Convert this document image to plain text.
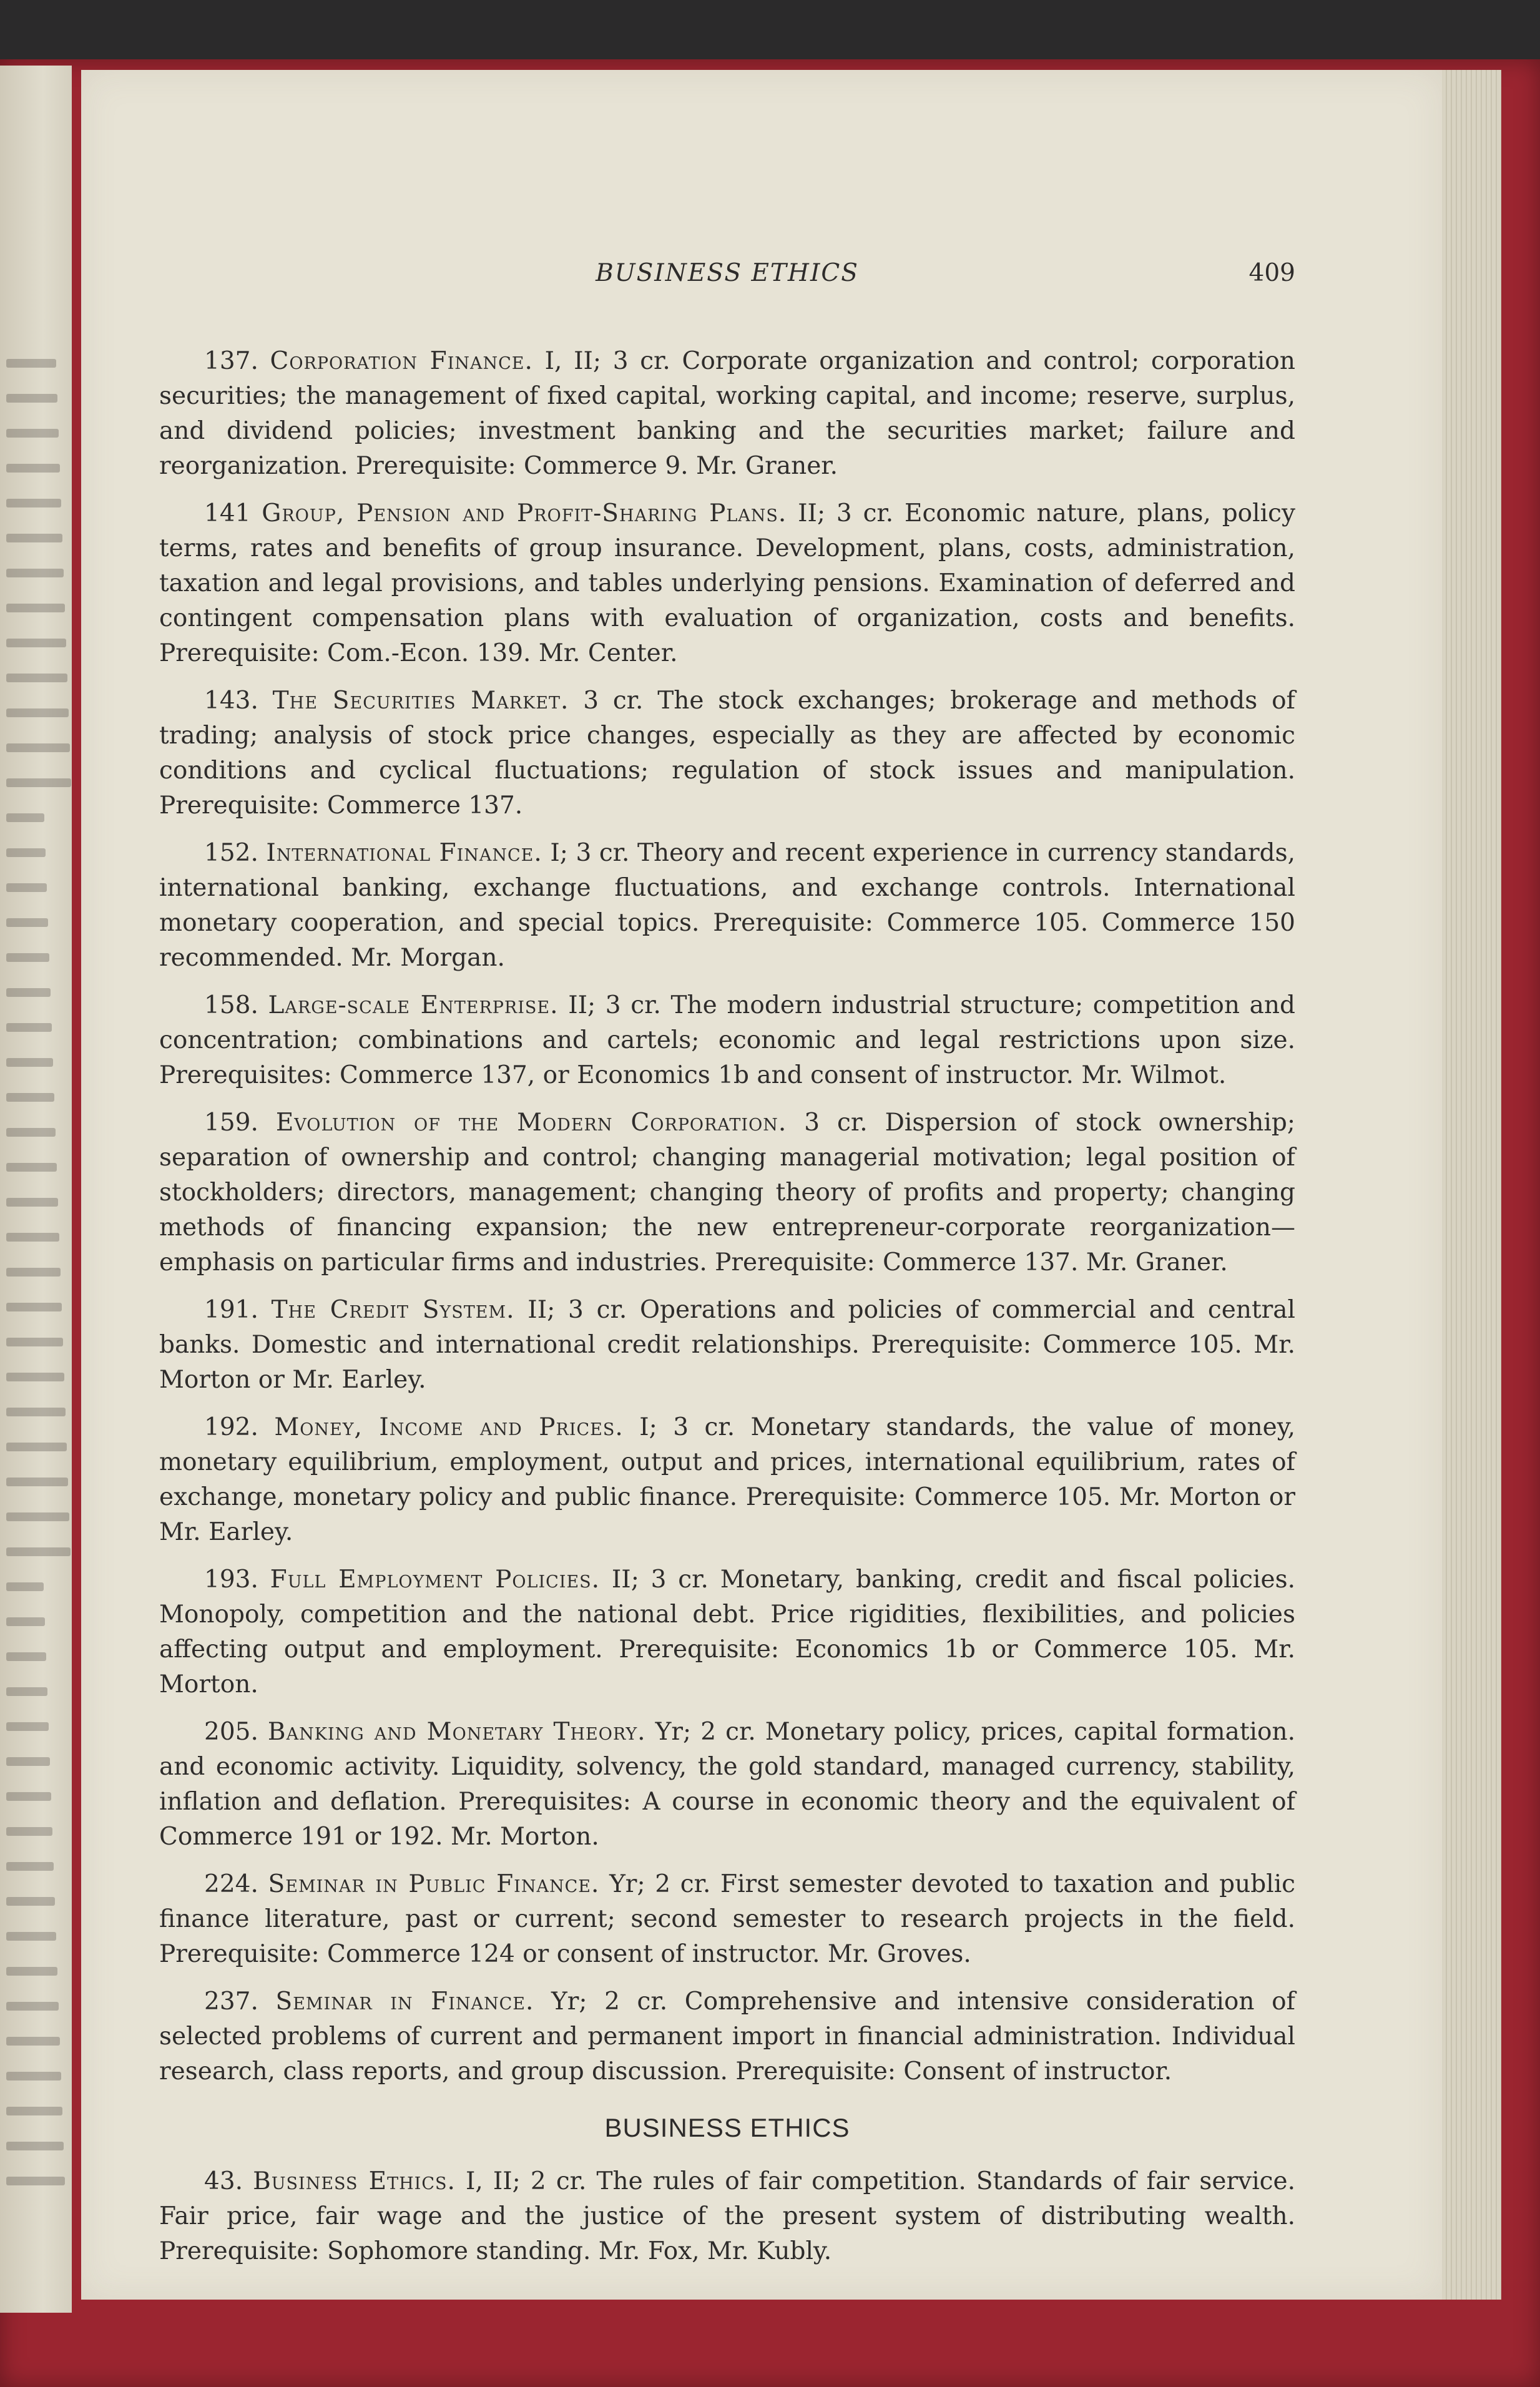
BUSINESS ETHICS	409

137. Corporation Finance. I, II; 3 cr. Corporate organization and control; corporation securities; the management of fixed capital, working capital, and income; reserve, surplus, and dividend policies; investment banking and the securities market; failure and reorganization. Prerequisite: Commerce 9. Mr. Graner.

141 Group, Pension and Profit-Sharing Plans. II; 3 cr. Economic nature, plans, policy terms, rates and benefits of group insurance. Development, plans, costs, administration, taxation and legal provisions, and tables underlying pensions. Examination of deferred and contingent compensation plans with evaluation of organization, costs and benefits. Prerequisite: Com.-Econ. 139. Mr. Center.

143. The Securities Market. 3 cr. The stock exchanges; brokerage and methods of trading; analysis of stock price changes, especially as they are affected by economic conditions and cyclical fluctuations; regulation of stock issues and manipulation. Prerequisite: Commerce 137.

152. International Finance. I; 3 cr. Theory and recent experience in currency standards, international banking, exchange fluctuations, and exchange controls. International monetary cooperation, and special topics. Prerequisite: Commerce 105. Commerce 150 recommended. Mr. Morgan.

158. Large-scale Enterprise. II; 3 cr. The modern industrial structure; competition and concentration; combinations and cartels; economic and legal restrictions upon size. Prerequisites: Commerce 137, or Economics 1b and consent of instructor. Mr. Wilmot.

159. Evolution of the Modern Corporation. 3 cr. Dispersion of stock ownership; separation of ownership and control; changing managerial motivation; legal position of stockholders; directors, management; changing theory of profits and property; changing methods of financing expansion; the new entrepreneur-corporate reorganization—emphasis on particular firms and industries. Prerequisite: Commerce 137. Mr. Graner.

191. The Credit System. II; 3 cr. Operations and policies of commercial and central banks. Domestic and international credit relationships. Prerequisite: Commerce 105. Mr. Morton or Mr. Earley.

192. Money, Income and Prices. I; 3 cr. Monetary standards, the value of money, monetary equilibrium, employment, output and prices, international equilibrium, rates of exchange, monetary policy and public finance. Prerequisite: Commerce 105. Mr. Morton or Mr. Earley.

193. Full Employment Policies. II; 3 cr. Monetary, banking, credit and fiscal policies. Monopoly, competition and the national debt. Price rigidities, flexibilities, and policies affecting output and employment. Prerequisite: Economics 1b or Commerce 105. Mr. Morton.

205. Banking and Monetary Theory. Yr; 2 cr. Monetary policy, prices, capital formation. and economic activity. Liquidity, solvency, the gold standard, managed currency, stability, inflation and deflation. Prerequisites: A course in economic theory and the equivalent of Commerce 191 or 192. Mr. Morton.

224. Seminar in Public Finance. Yr; 2 cr. First semester devoted to taxation and public finance literature, past or current; second semester to research projects in the field. Prerequisite: Commerce 124 or consent of instructor. Mr. Groves.

237. Seminar in Finance. Yr; 2 cr. Comprehensive and intensive consideration of selected problems of current and permanent import in financial administration. Individual research, class reports, and group discussion. Prerequisite: Consent of instructor.

BUSINESS ETHICS

43. Business Ethics. I, II; 2 cr. The rules of fair competition. Standards of fair service. Fair price, fair wage and the justice of the present system of distributing wealth. Prerequisite: Sophomore standing. Mr. Fox, Mr. Kubly.
